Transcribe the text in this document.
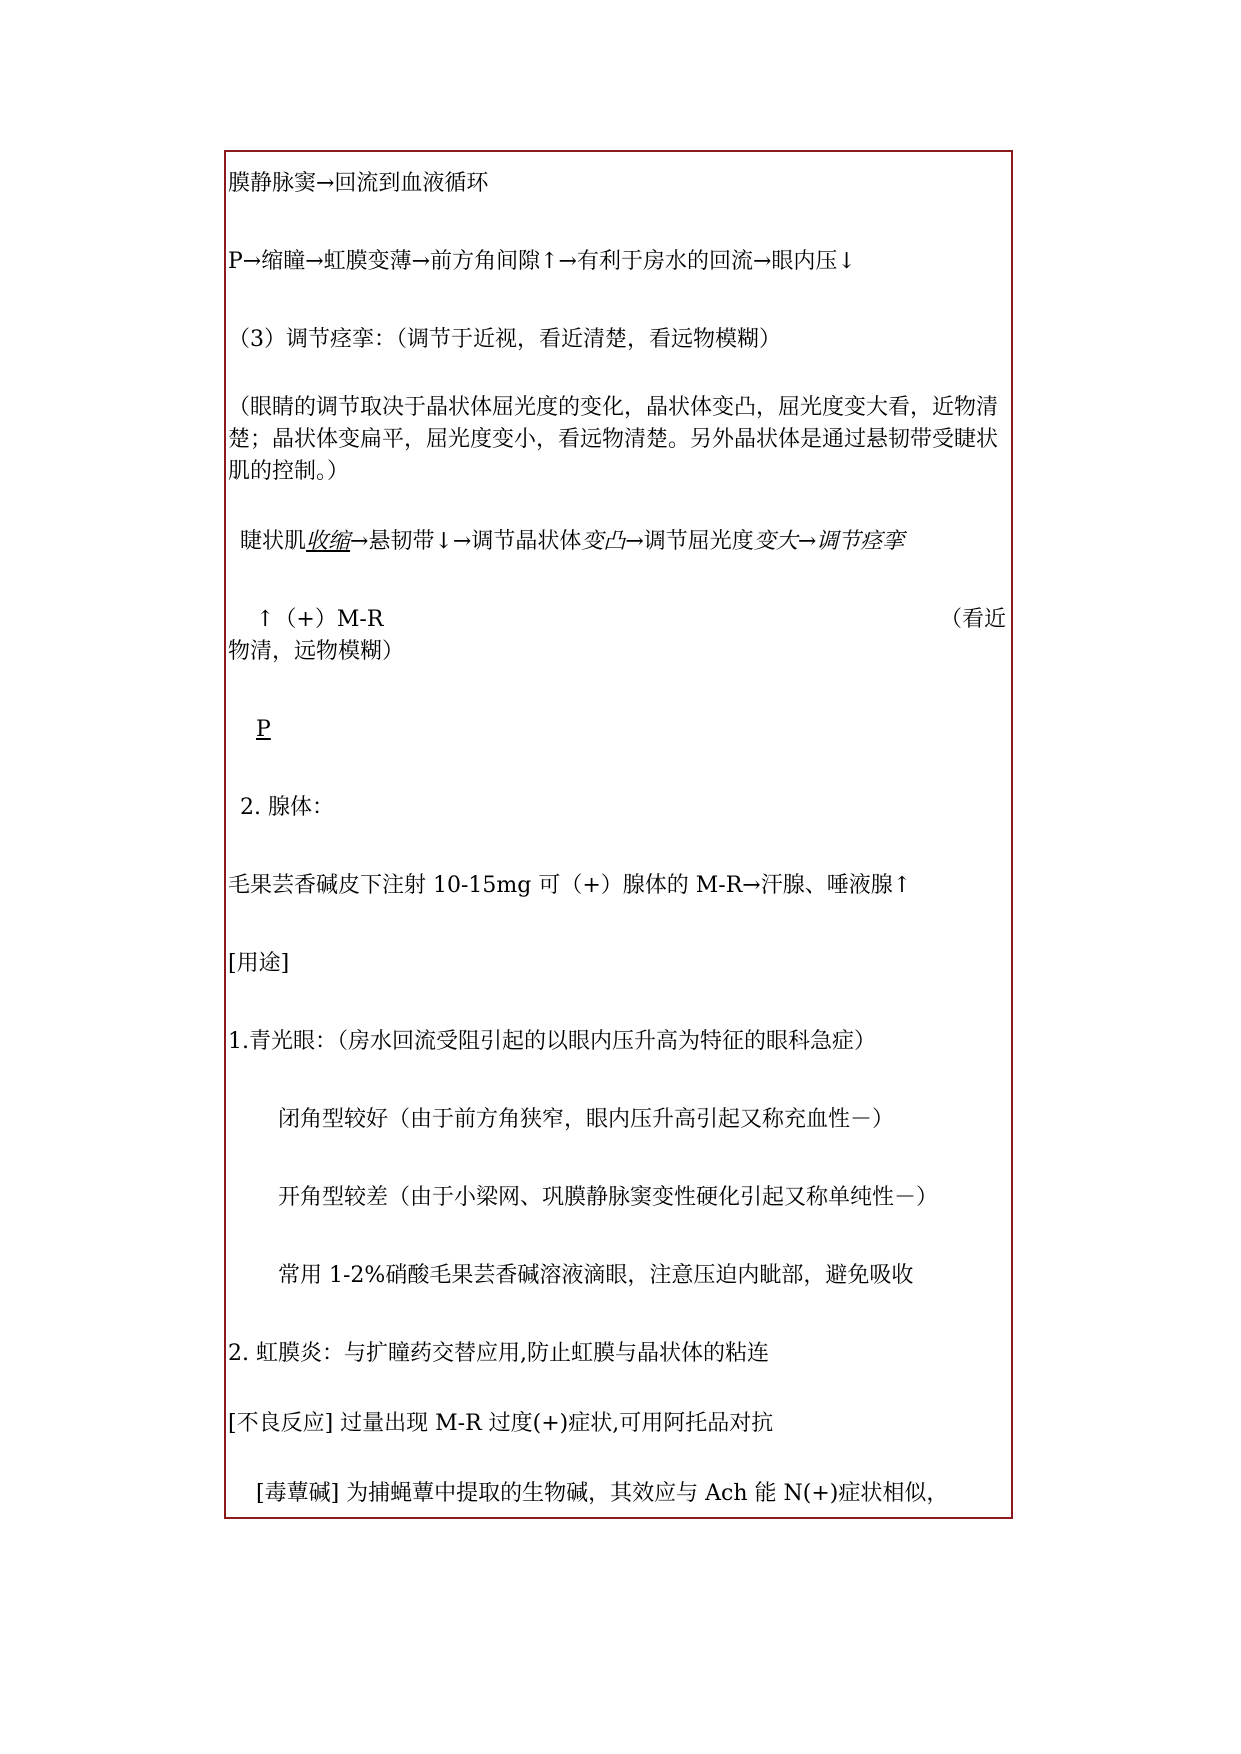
膜静脉窦→回流到血液循环
P→缩瞳→虹膜变薄→前方角间隙↑→有利于房水的回流→眼内压↓
（3）调节痉挛：（调节于近视，看近清楚，看远物模糊）
（眼睛的调节取决于晶状体屈光度的变化，晶状体变凸，屈光度变大看，近物清楚；晶状体变扁平，屈光度变小，看远物清楚。另外晶状体是通过悬韧带受睫状肌的控制。）
睫状肌收缩→悬韧带↓→调节晶状体变凸→调节屈光度变大→调节痉挛
↑（+）M-R	（看近
物清，远物模糊）
P
2. 腺体：
毛果芸香碱皮下注射 10-15mg 可（+）腺体的 M-R→汗腺、唾液腺↑
[用途]
1.青光眼：（房水回流受阻引起的以眼内压升高为特征的眼科急症）
闭角型较好（由于前方角狭窄，眼内压升高引起又称充血性－）
开角型较差（由于小梁网、巩膜静脉窦变性硬化引起又称单纯性－）
常用 1-2%硝酸毛果芸香碱溶液滴眼，注意压迫内眦部，避免吸收
2. 虹膜炎：与扩瞳药交替应用,防止虹膜与晶状体的粘连
[不良反应] 过量出现 M-R 过度(+)症状,可用阿托品对抗
[毒蕈碱] 为捕蝇蕈中提取的生物碱，其效应与 Ach 能 N(+)症状相似，
